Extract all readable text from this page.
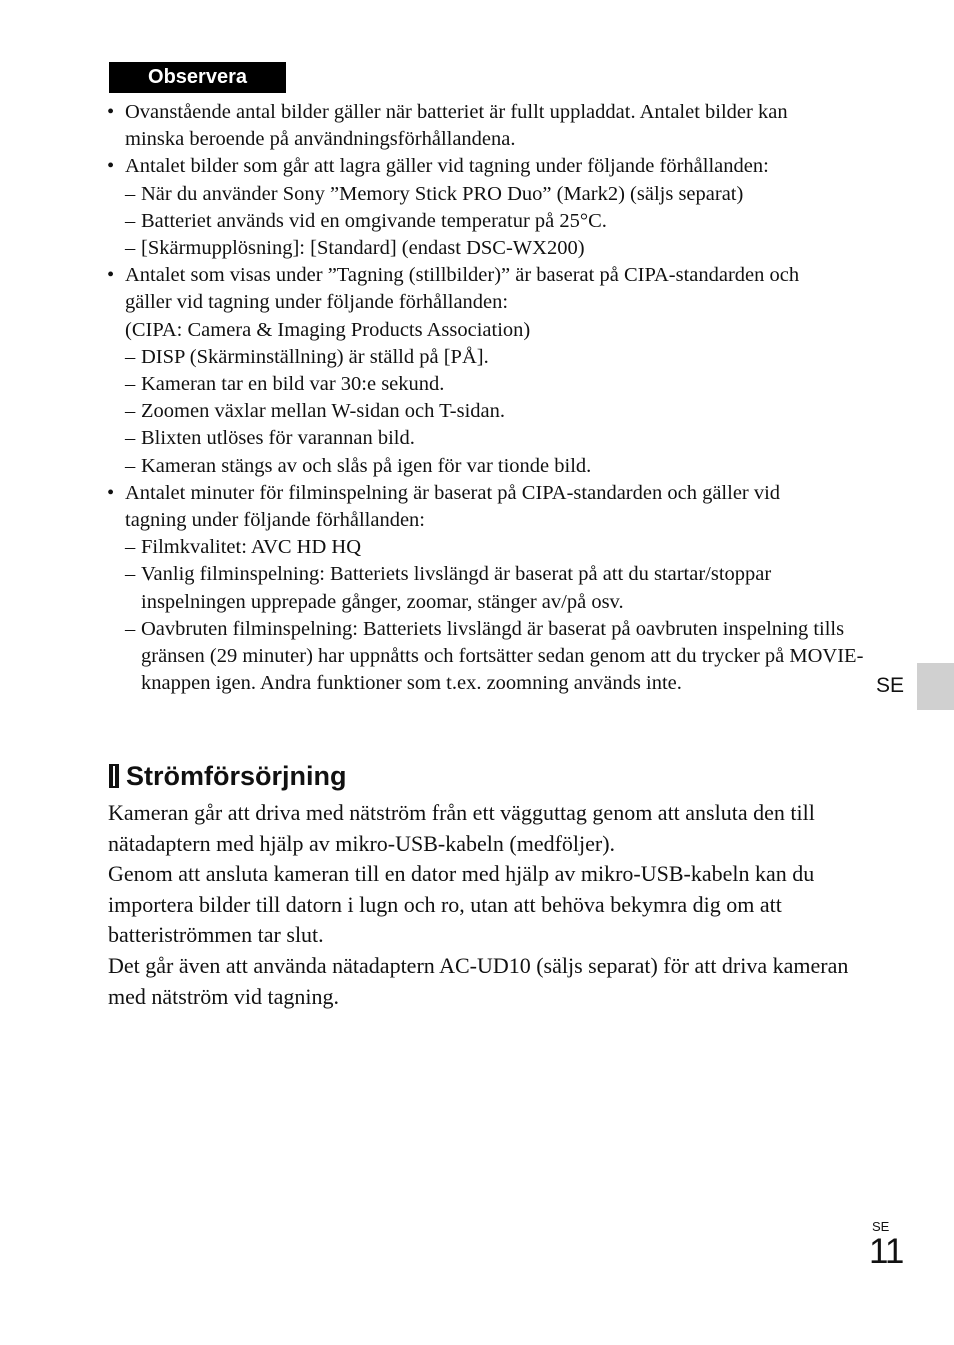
Observera
• Ovanstående antal bilder gäller när batteriet är fullt uppladdat. Antalet bilder kan
minska beroende på användningsförhållandena.
• Antalet bilder som går att lagra gäller vid tagning under följande förhållanden:
– När du använder Sony ”Memory Stick PRO Duo” (Mark2) (säljs separat)
– Batteriet används vid en omgivande temperatur på 25°C.
– [Skärmupplösning]: [Standard] (endast DSC-WX200)
• Antalet som visas under ”Tagning (stillbilder)” är baserat på CIPA-standarden och
gäller vid tagning under följande förhållanden:
(CIPA: Camera & Imaging Products Association)
– DISP (Skärminställning) är ställd på [PÅ].
– Kameran tar en bild var 30:e sekund.
– Zoomen växlar mellan W-sidan och T-sidan.
– Blixten utlöses för varannan bild.
– Kameran stängs av och slås på igen för var tionde bild.
• Antalet minuter för filminspelning är baserat på CIPA-standarden och gäller vid
tagning under följande förhållanden:
– Filmkvalitet: AVC HD HQ
– Vanlig filminspelning: Batteriets livslängd är baserat på att du startar/stoppar inspelningen upprepade gånger, zoomar, stänger av/på osv.
– Oavbruten filminspelning: Batteriets livslängd är baserat på oavbruten inspelning tills gränsen (29 minuter) har uppnåtts och fortsätter sedan genom att du trycker på MOVIE-knappen igen. Andra funktioner som t.ex. zoomning används inte.
Strömförsörjning

Kameran går att driva med nätström från ett vägguttag genom att ansluta den till nätadaptern med hjälp av mikro-USB-kabeln (medföljer).

Genom att ansluta kameran till en dator med hjälp av mikro-USB-kabeln kan du importera bilder till datorn i lugn och ro, utan att behöva bekymra dig om att batteriströmmen tar slut.

Det går även att använda nätadaptern AC-UD10 (säljs separat) för att driva kameran med nätström vid tagning.

SE
SE
11
